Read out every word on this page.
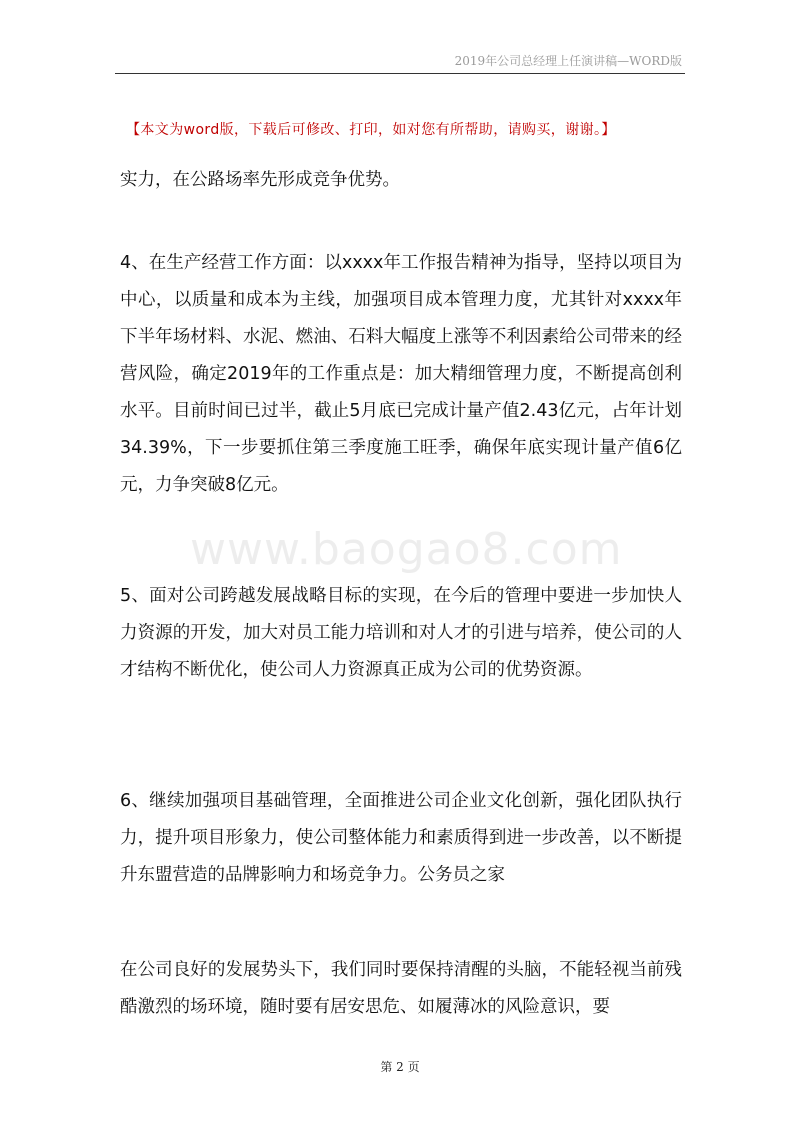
2019年公司总经理上任演讲稿—WORD版
【本文为word版，下载后可修改、打印，如对您有所帮助，请购买，谢谢。】

实力，在公路场率先形成竞争优势。

4、在生产经营工作方面：以xxxx年工作报告精神为指导，坚持以项目为中心，以质量和成本为主线，加强项目成本管理力度，尤其针对xxxx年下半年场材料、水泥、燃油、石料大幅度上涨等不利因素给公司带来的经营风险，确定2019年的工作重点是：加大精细管理力度，不断提高创利水平。目前时间已过半，截止5月底已完成计量产值2.43亿元，占年计划34.39%，下一步要抓住第三季度施工旺季，确保年底实现计量产值6亿元，力争突破8亿元。

www.baogao8.com

5、面对公司跨越发展战略目标的实现，在今后的管理中要进一步加快人力资源的开发，加大对员工能力培训和对人才的引进与培养，使公司的人才结构不断优化，使公司人力资源真正成为公司的优势资源。

6、继续加强项目基础管理，全面推进公司企业文化创新，强化团队执行力，提升项目形象力，使公司整体能力和素质得到进一步改善，以不断提升东盟营造的品牌影响力和场竞争力。公务员之家

在公司良好的发展势头下，我们同时要保持清醒的头脑，不能轻视当前残酷激烈的场环境，随时要有居安思危、如履薄冰的风险意识，要

第 2 页
